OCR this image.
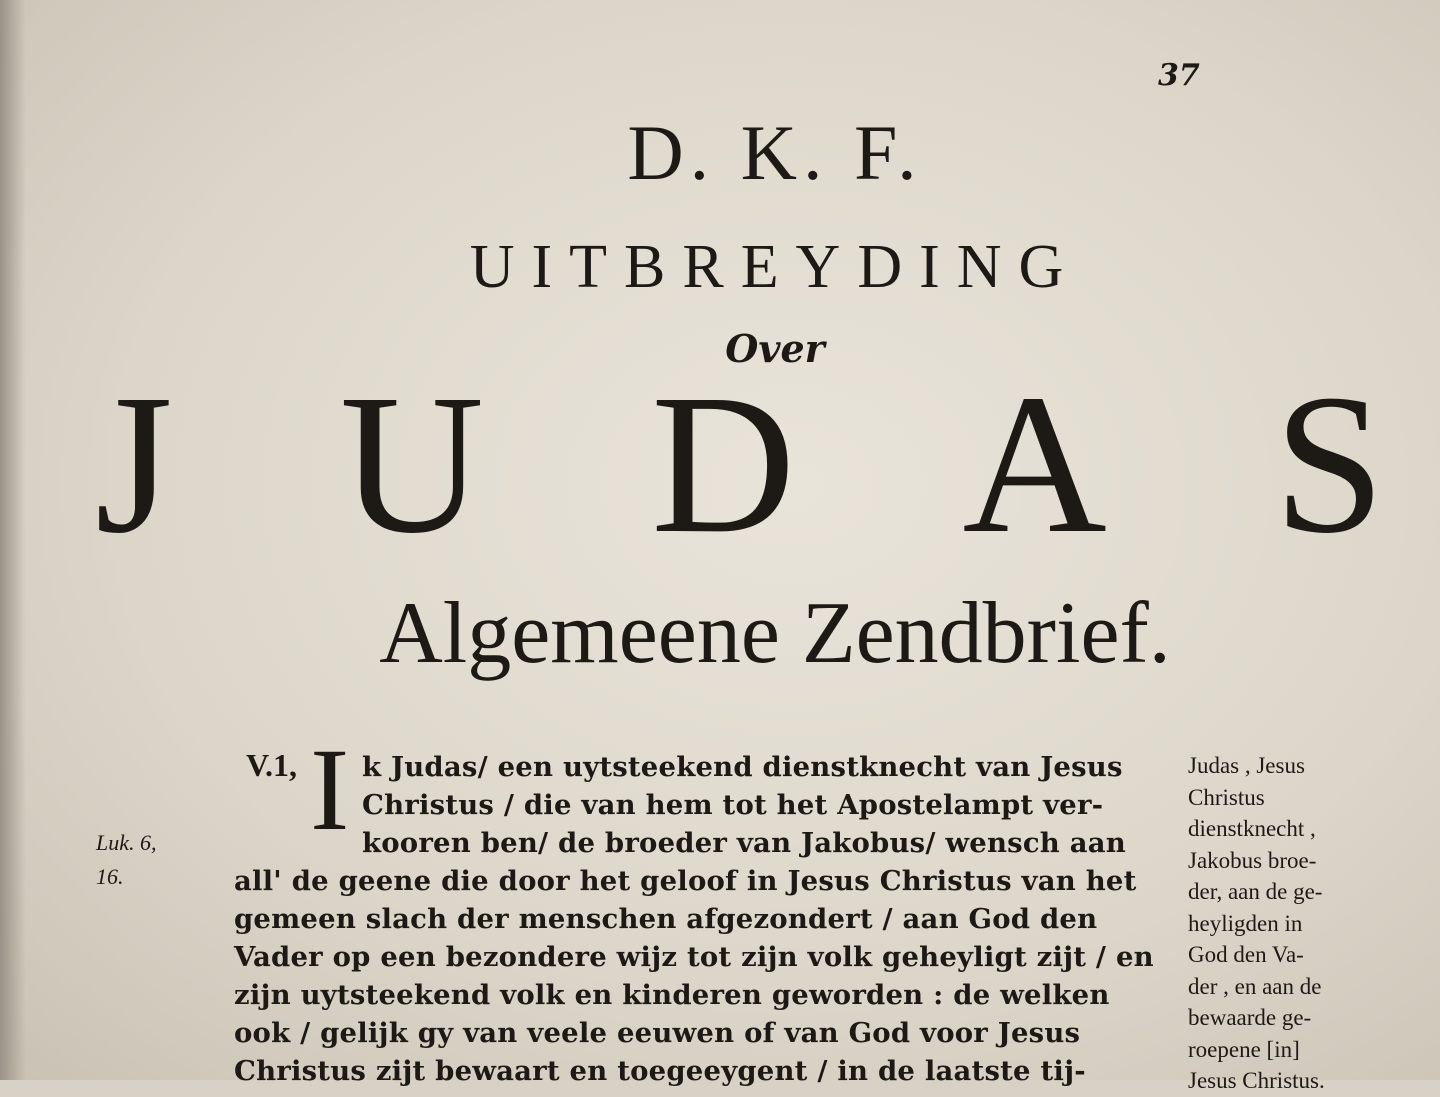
37
D. K. F.
UITBREYDING
Over
J U D A S
Algemeene Zendbrief.
Luk. 6,
16.
V.1, I k Judas/ een uytsteekend dienstknecht van Jesus
Christus / die van hem tot het Apostelampt ver-
kooren ben/ de broeder van Jakobus/ wensch aan
all' de geene die door het geloof in Jesus Christus van het
gemeen slach der menschen afgezondert / aan God den
Vader op een bezondere wijz tot zijn volk geheyligt zijt / en
zijn uytsteekend volk en kinderen geworden : de welken
ook / gelijk gy van veele eeuwen of van God voor Jesus
Christus zijt bewaart en toegeeygent / in de laatste tij-
Judas , Jesus
Christus
dienstknecht ,
Jakobus broe-
der, aan de ge-
heyligden in
God den Va-
der , en aan de
bewaarde ge-
roepene [in]
Jesus Christus.
